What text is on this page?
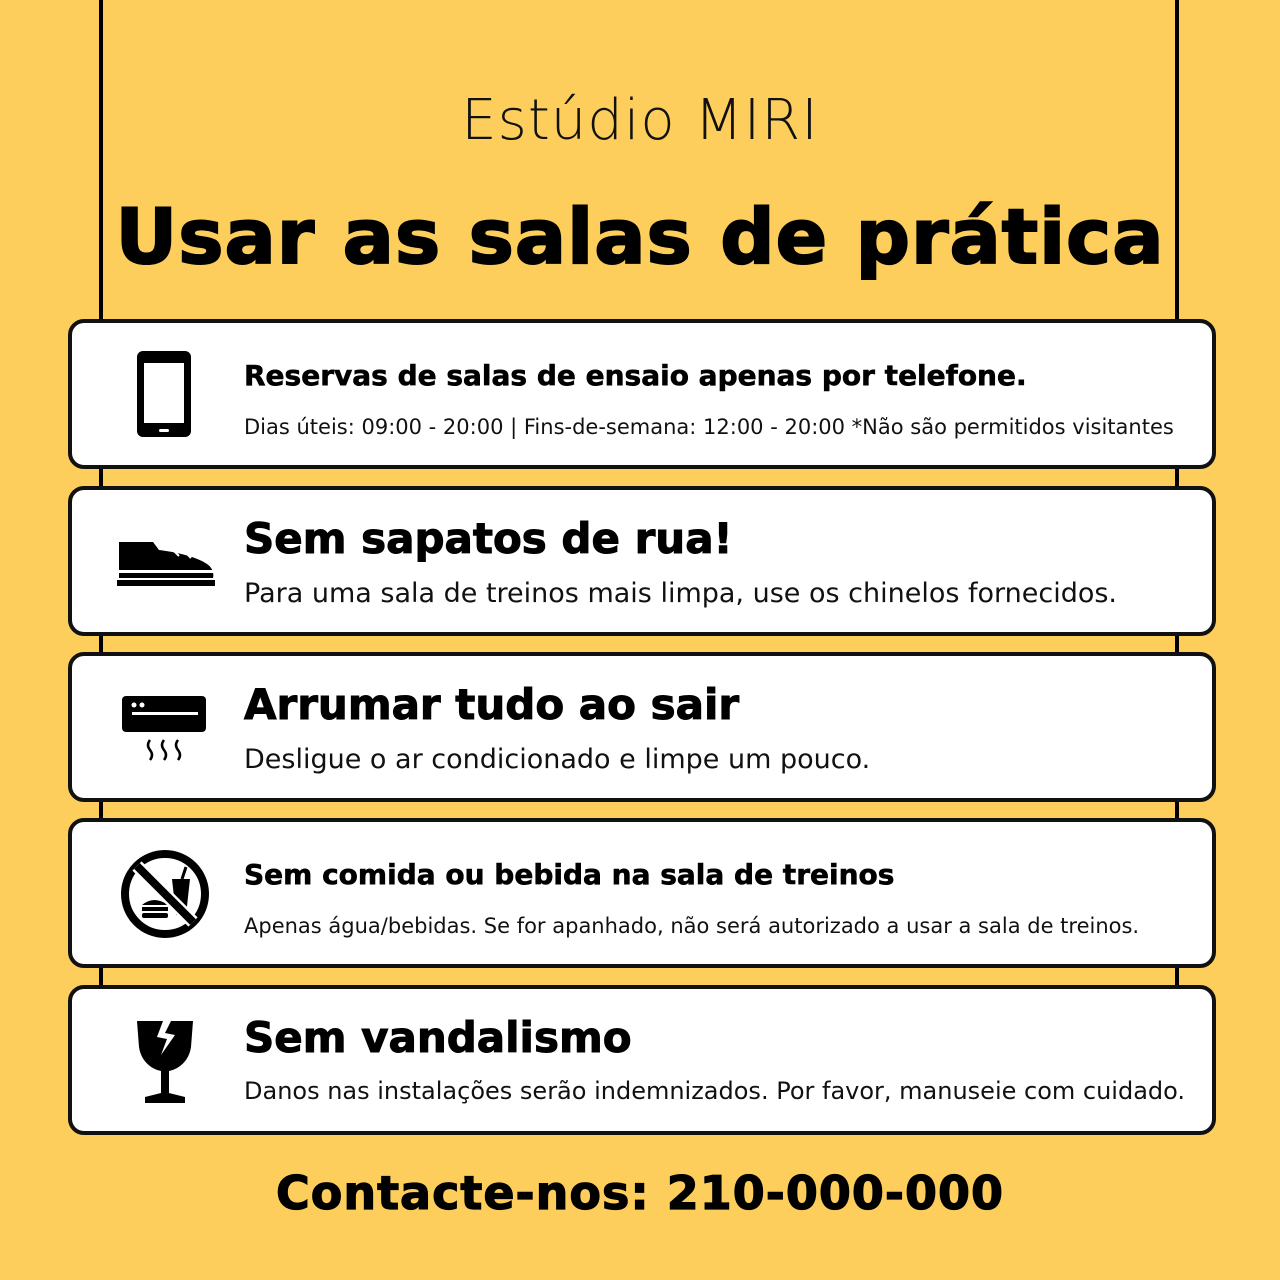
Estúdio MIRI
Usar as salas de prática
Reservas de salas de ensaio apenas por telefone.
Dias úteis: 09:00 - 20:00 | Fins-de-semana: 12:00 - 20:00 *Não são permitidos visitantes
Sem sapatos de rua!
Para uma sala de treinos mais limpa, use os chinelos fornecidos.
Arrumar tudo ao sair
Desligue o ar condicionado e limpe um pouco.
Sem comida ou bebida na sala de treinos
Apenas água/bebidas. Se for apanhado, não será autorizado a usar a sala de treinos.
Sem vandalismo
Danos nas instalações serão indemnizados. Por favor, manuseie com cuidado.
Contacte-nos: 210-000-000
